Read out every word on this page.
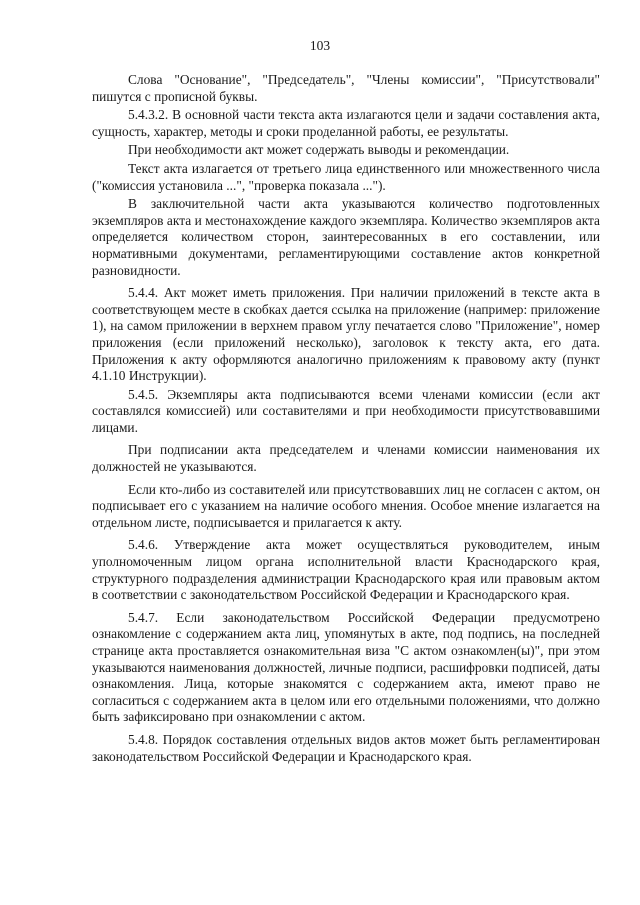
103

Слова "Основание", "Председатель", "Члены комиссии", "Присутствовали" пишутся с прописной буквы.

5.4.3.2. В основной части текста акта излагаются цели и задачи составления акта, сущность, характер, методы и сроки проделанной работы, ее результаты.

При необходимости акт может содержать выводы и рекомендации.

Текст акта излагается от третьего лица единственного или множественного числа ("комиссия установила ...", "проверка показала ...").

В заключительной части акта указываются количество подготовленных экземпляров акта и местонахождение каждого экземпляра. Количество экземпляров акта определяется количеством сторон, заинтересованных в его составлении, или нормативными документами, регламентирующими составление актов конкретной разновидности.

5.4.4. Акт может иметь приложения. При наличии приложений в тексте акта в соответствующем месте в скобках дается ссылка на приложение (например: приложение 1), на самом приложении в верхнем правом углу печатается слово "Приложение", номер приложения (если приложений несколько), заголовок к тексту акта, его дата. Приложения к акту оформляются аналогично приложениям к правовому акту (пункт 4.1.10 Инструкции).

5.4.5. Экземпляры акта подписываются всеми членами комиссии (если акт составлялся комиссией) или составителями и при необходимости присутствовавшими лицами.

При подписании акта председателем и членами комиссии наименования их должностей не указываются.

Если кто-либо из составителей или присутствовавших лиц не согласен с актом, он подписывает его с указанием на наличие особого мнения. Особое мнение излагается на отдельном листе, подписывается и прилагается к акту.

5.4.6. Утверждение акта может осуществляться руководителем, иным уполномоченным лицом органа исполнительной власти Краснодарского края, структурного подразделения администрации Краснодарского края или правовым актом в соответствии с законодательством Российской Федерации и Краснодарского края.

5.4.7. Если законодательством Российской Федерации предусмотрено ознакомление с содержанием акта лиц, упомянутых в акте, под подпись, на последней странице акта проставляется ознакомительная виза "С актом ознакомлен(ы)", при этом указываются наименования должностей, личные подписи, расшифровки подписей, даты ознакомления. Лица, которые знакомятся с содержанием акта, имеют право не согласиться с содержанием акта в целом или его отдельными положениями, что должно быть зафиксировано при ознакомлении с актом.

5.4.8. Порядок составления отдельных видов актов может быть регламентирован законодательством Российской Федерации и Краснодарского края.
